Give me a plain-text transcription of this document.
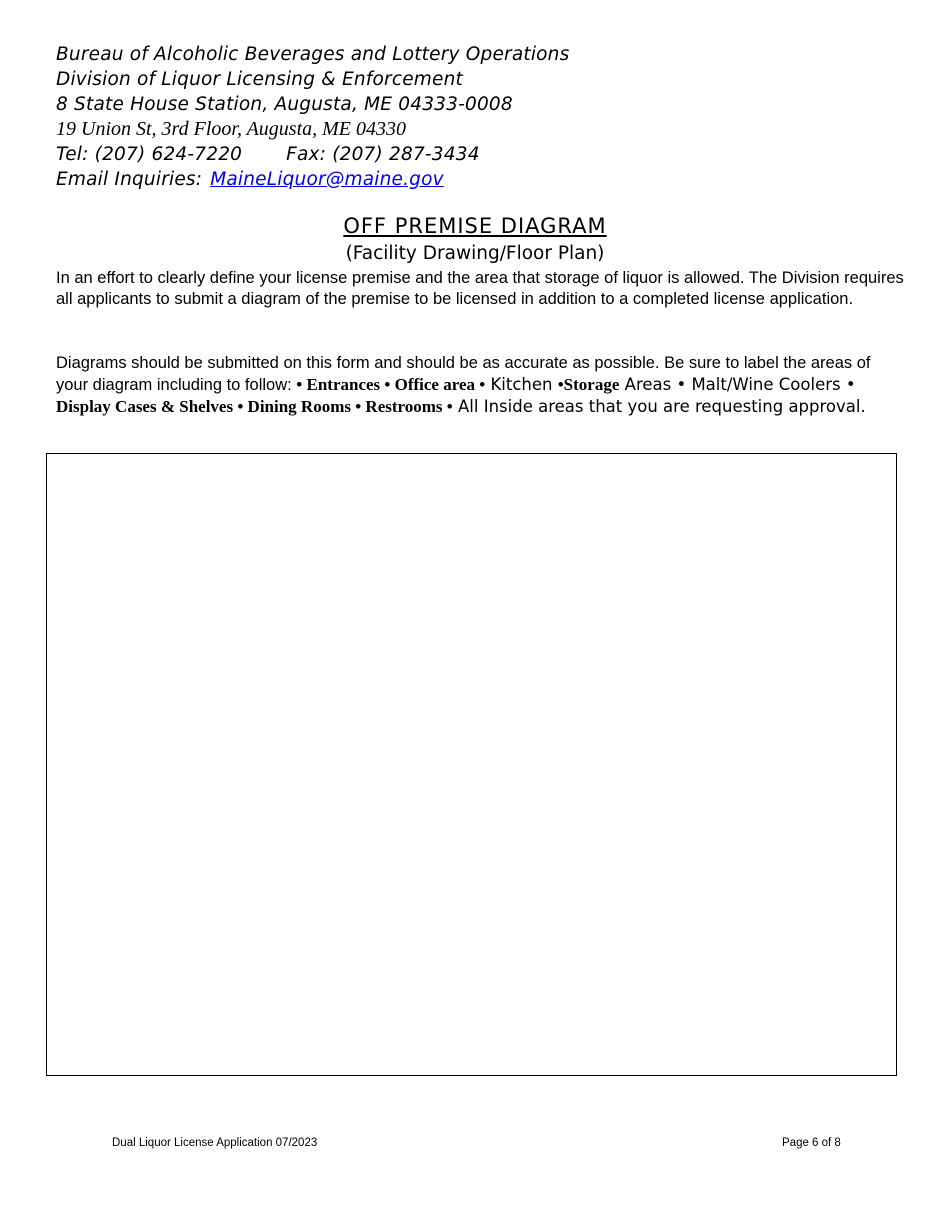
Bureau of Alcoholic Beverages and Lottery Operations
Division of Liquor Licensing & Enforcement
8 State House Station, Augusta, ME 04333-0008
19 Union St, 3rd Floor, Augusta, ME 04330
Tel: (207) 624-7220 Fax: (207) 287-3434
Email Inquiries: MaineLiquor@maine.gov
OFF PREMISE DIAGRAM
(Facility Drawing/Floor Plan)
In an effort to clearly define your license premise and the area that storage of liquor is allowed. The Division requires all applicants to submit a diagram of the premise to be licensed in addition to a completed license application.
Diagrams should be submitted on this form and should be as accurate as possible. Be sure to label the areas of your diagram including to follow: • Entrances • Office area • Kitchen •Storage Areas • Malt/Wine Coolers •
Display Cases & Shelves • Dining Rooms • Restrooms • All Inside areas that you are requesting approval.
Dual Liquor License Application 07/2023	Page 6 of 8
